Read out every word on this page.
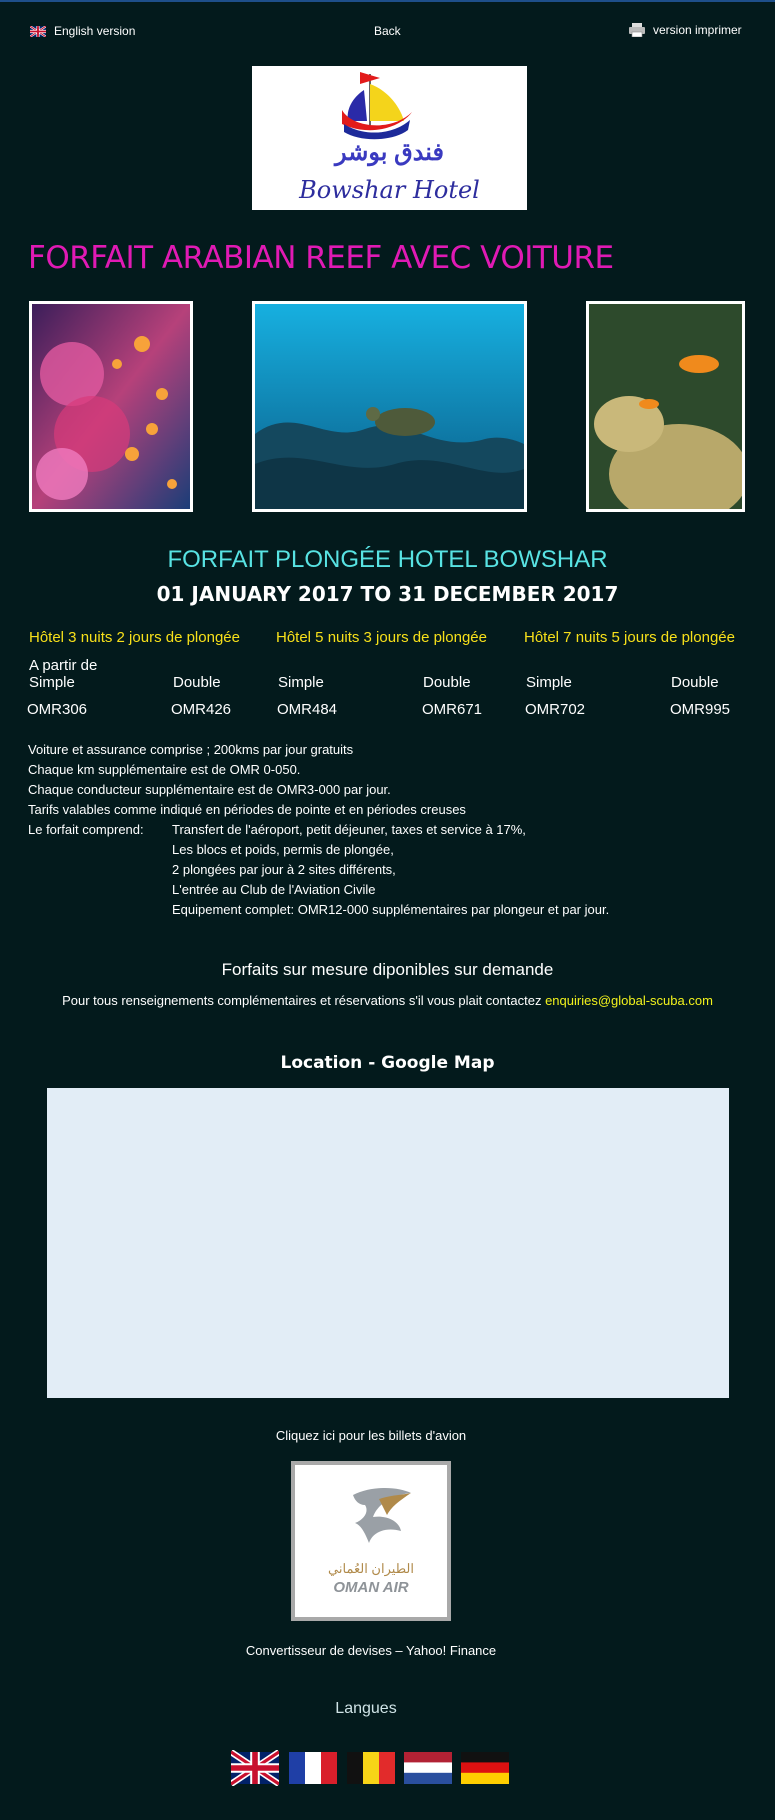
English version	Back	version imprimer
فندق بوشر
Bowshar Hotel
FORFAIT ARABIAN REEF AVEC VOITURE
FORFAIT PLONGÉE HOTEL BOWSHAR
01 JANUARY 2017 TO 31 DECEMBER 2017
Hôtel 3 nuits 2 jours de plongée Hôtel 5 nuits 3 jours de plongée Hôtel 7 nuits 5 jours de plongée
A partir de
Simple	Double	Simple	Double	Simple	Double
OMR306	OMR426	OMR484	OMR671	OMR702	OMR995
Voiture et assurance comprise ; 200kms par jour gratuits
Chaque km supplémentaire est de OMR 0-050.
Chaque conducteur supplémentaire est de OMR3-000 par jour.
Tarifs valables comme indiqué en périodes de pointe et en périodes creuses
Le forfait comprend: Transfert de l'aéroport, petit déjeuner, taxes et service à 17%,
Les blocs et poids, permis de plongée,
2 plongées par jour à 2 sites différents,
L'entrée au Club de l'Aviation Civile
Equipement complet: OMR12-000 supplémentaires par plongeur et par jour.
Forfaits sur mesure diponibles sur demande
Pour tous renseignements complémentaires et réservations s'il vous plait contactez enquiries@global-scuba.com
Location - Google Map
Cliquez ici pour les billets d'avion
الطيران العُماني
OMAN AIR
Convertisseur de devises – Yahoo! Finance
Langues
